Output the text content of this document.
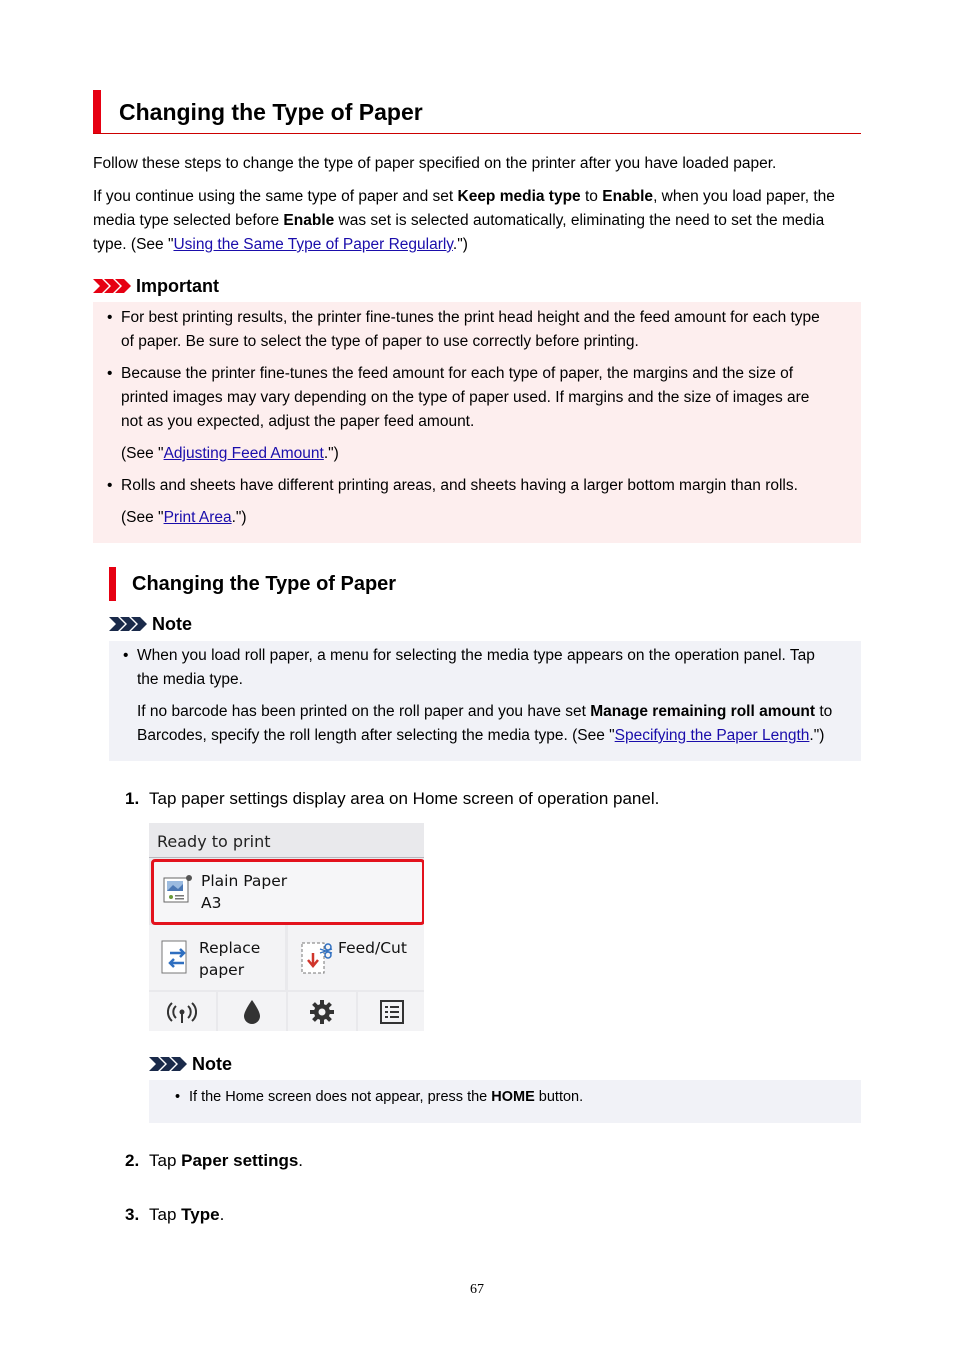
Changing the Type of Paper
Follow these steps to change the type of paper specified on the printer after you have loaded paper.
If you continue using the same type of paper and set Keep media type to Enable, when you load paper, the
media type selected before Enable was set is selected automatically, eliminating the need to set the media
type. (See "Using the Same Type of Paper Regularly.")
Important
• For best printing results, the printer fine-tunes the print head height and the feed amount for each type
of paper. Be sure to select the type of paper to use correctly before printing.
• Because the printer fine-tunes the feed amount for each type of paper, the margins and the size of
printed images may vary depending on the type of paper used. If margins and the size of images are
not as you expected, adjust the paper feed amount.
(See "Adjusting Feed Amount.")
• Rolls and sheets have different printing areas, and sheets having a larger bottom margin than rolls.
(See "Print Area.")
Changing the Type of Paper
Note
• When you load roll paper, a menu for selecting the media type appears on the operation panel. Tap
the media type.
If no barcode has been printed on the roll paper and you have set Manage remaining roll amount to
Barcodes, specify the roll length after selecting the media type. (See "Specifying the Paper Length.")
1. Tap paper settings display area on Home screen of operation panel.
Ready to print
Plain Paper
A3
Replace
paper
Feed/Cut
Note
• If the Home screen does not appear, press the HOME button.
2. Tap Paper settings.
3. Tap Type.
67
